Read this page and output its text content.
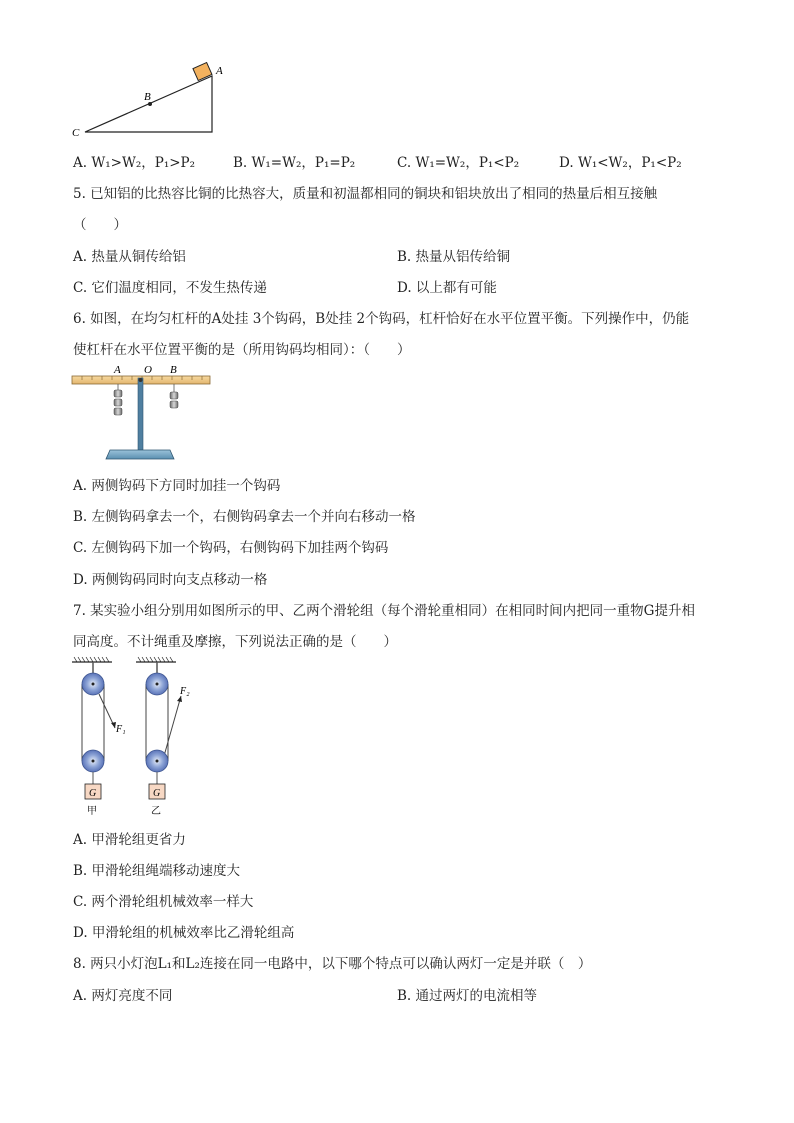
A
B
C
A. W₁>W₂，P₁>P₂	B. W₁=W₂，P₁=P₂	C. W₁=W₂，P₁<P₂	D. W₁<W₂，P₁<P₂
5. 已知铝的比热容比铜的比热容大，质量和初温都相同的铜块和铝块放出了相同的热量后相互接触
（　　）
A. 热量从铜传给铝	B. 热量从铝传给铜
C. 它们温度相同，不发生热传递	D. 以上都有可能
6. 如图，在均匀杠杆的A处挂 3个钩码，B处挂 2个钩码，杠杆恰好在水平位置平衡。下列操作中，仍能
使杠杆在水平位置平衡的是（所用钩码均相同）：（　　）
A O B
A. 两侧钩码下方同时加挂一个钩码
B. 左侧钩码拿去一个，右侧钩码拿去一个并向右移动一格
C. 左侧钩码下加一个钩码，右侧钩码下加挂两个钩码
D. 两侧钩码同时向支点移动一格
7. 某实验小组分别用如图所示的甲、乙两个滑轮组（每个滑轮重相同）在相同时间内把同一重物G提升相
同高度。不计绳重及摩擦，下列说法正确的是（　　）
G
甲
F₁
G
乙
F₂
A. 甲滑轮组更省力
B. 甲滑轮组绳端移动速度大
C. 两个滑轮组机械效率一样大
D. 甲滑轮组的机械效率比乙滑轮组高
8. 两只小灯泡L₁和L₂连接在同一电路中，以下哪个特点可以确认两灯一定是并联（　）
A. 两灯亮度不同	B. 通过两灯的电流相等
